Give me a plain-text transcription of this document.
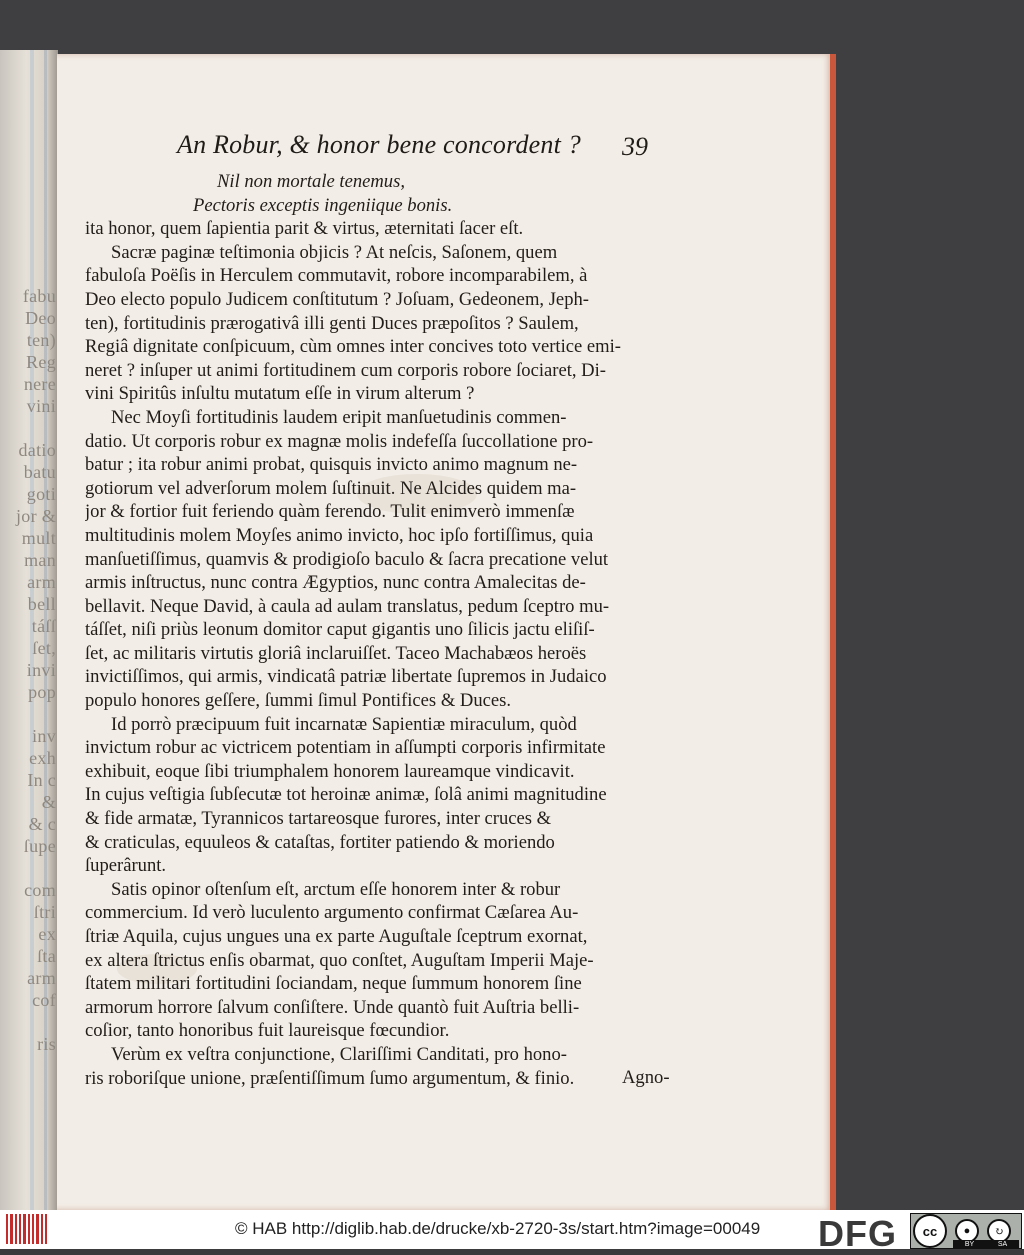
fabu
Deo
ten)
Reg
nere
vini
datio
batu
goti
jor &
mult
man
arm
bell
táſſ
ſet,
invi
pop
inv
exh
In c
&
& c
ſupe
com
ſtri
ex
ſta
arm
cof
ris
An Robur, & honor bene concordent ? 39
Nil non mortale tenemus,
Pectoris exceptis ingeniique bonis.
ita honor, quem ſapientia parit & virtus, æternitati ſacer eſt.
Sacræ paginæ teſtimonia objicis ? At neſcis, Saſonem, quem
fabuloſa Poëſis in Herculem commutavit, robore incomparabilem, à
Deo electo populo Judicem conſtitutum ? Joſuam, Gedeonem, Jeph-
ten), fortitudinis prærogativâ illi genti Duces præpoſitos ? Saulem,
Regiâ dignitate conſpicuum, cùm omnes inter concives toto vertice emi-
neret ? inſuper ut animi fortitudinem cum corporis robore ſociaret, Di-
vini Spiritûs inſultu mutatum eſſe in virum alterum ?
Nec Moyſi fortitudinis laudem eripit manſuetudinis commen-
datio. Ut corporis robur ex magnæ molis indefeſſa ſuccollatione pro-
batur ; ita robur animi probat, quisquis invicto animo magnum ne-
gotiorum vel adverſorum molem ſuſtinuit. Ne Alcides quidem ma-
jor & fortior fuit feriendo quàm ferendo. Tulit enimverò immenſæ
multitudinis molem Moyſes animo invicto, hoc ipſo fortiſſimus, quia
manſuetiſſimus, quamvis & prodigioſo baculo & ſacra precatione velut
armis inſtructus, nunc contra Ægyptios, nunc contra Amalecitas de-
bellavit. Neque David, à caula ad aulam translatus, pedum ſceptro mu-
táſſet, niſi priùs leonum domitor caput gigantis uno ſilicis jactu eliſiſ-
ſet, ac militaris virtutis gloriâ inclaruiſſet. Taceo Machabæos heroës
invictiſſimos, qui armis, vindicatâ patriæ libertate ſupremos in Judaico
populo honores geſſere, ſummi ſimul Pontifices & Duces.
Id porrò præcipuum fuit incarnatæ Sapientiæ miraculum, quòd
invictum robur ac victricem potentiam in aſſumpti corporis infirmitate
exhibuit, eoque ſibi triumphalem honorem laureamque vindicavit.
In cujus veſtigia ſubſecutæ tot heroinæ animæ, ſolâ animi magnitudine
& fide armatæ, Tyrannicos tartareosque furores, inter cruces &
& craticulas, equuleos & cataſtas, fortiter patiendo & moriendo
ſuperârunt.
Satis opinor oſtenſum eſt, arctum eſſe honorem inter & robur
commercium. Id verò luculento argumento confirmat Cæſarea Au-
ſtriæ Aquila, cujus ungues una ex parte Auguſtale ſceptrum exornat,
ex altera ſtrictus enſis obarmat, quo conſtet, Auguſtam Imperii Maje-
ſtatem militari fortitudini ſociandam, neque ſummum honorem ſine
armorum horrore ſalvum conſiſtere. Unde quantò fuit Auſtria belli-
coſior, tanto honoribus fuit laureisque fœcundior.
Verùm ex veſtra conjunctione, Clariſſimi Canditati, pro hono-
ris roboriſque unione, præſentiſſimum ſumo argumentum, & finio.	Agno-
© HAB http://diglib.hab.de/drucke/xb-2720-3s/start.htm?image=00049 DFG	cc	●	↻
BY	SA
